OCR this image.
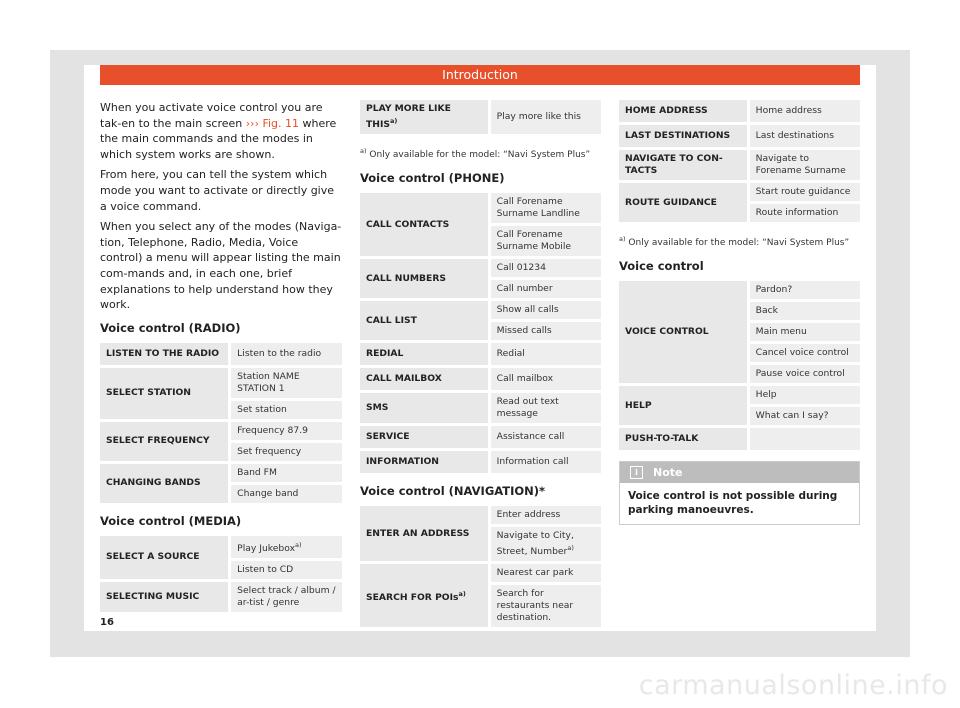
Introduction

When you activate voice control you are tak-en to the main screen ››› Fig. 11 where the main commands and the modes in which system works are shown.

From here, you can tell the system which mode you want to activate or directly give a voice command.

When you select any of the modes (Naviga-tion, Telephone, Radio, Media, Voice control) a menu will appear listing the main com-mands and, in each one, brief explanations to help understand how they work.

Voice control (RADIO)
LISTEN TO THE RADIO	Listen to the radio
SELECT STATION	Station NAME STATION 1
	Set station
SELECT FREQUENCY	Frequency 87.9
	Set frequency
CHANGING BANDS	Band FM
	Change band
Voice control (MEDIA)
SELECT A SOURCE	Play Jukebox$^{a)}$
	Listen to CD
SELECTING MUSIC	Select track / album / ar-tist / genre
PLAY MORE LIKE THIS$^{a)}$	Play more like this
$^{a)}$ Only available for the model: “Navi System Plus”
Voice control (PHONE)
CALL CONTACTS	Call Forename Surname Landline
	Call Forename Surname Mobile
CALL NUMBERS	Call 01234
	Call number
CALL LIST	Show all calls
	Missed calls
REDIAL	Redial
CALL MAILBOX	Call mailbox
SMS	Read out text message
SERVICE	Assistance call
INFORMATION	Information call
Voice control (NAVIGATION)*
ENTER AN ADDRESS	Enter address
	Navigate to City, Street, Number$^{a)}$
SEARCH FOR POIs$^{a)}$	Nearest car park
	Search for restaurants near destination.
HOME ADDRESS	Home address
LAST DESTINATIONS	Last destinations
NAVIGATE TO CON-TACTS	Navigate to Forename Surname
ROUTE GUIDANCE	Start route guidance
	Route information
$^{a)}$ Only available for the model: “Navi System Plus”
Voice control
VOICE CONTROL	Pardon?
	Back
	Main menu
	Cancel voice control
	Pause voice control
HELP	Help
	What can I say?
PUSH-TO-TALK	
i	Note
Voice control is not possible during parking manoeuvres.
16
carmanualsonline.info
